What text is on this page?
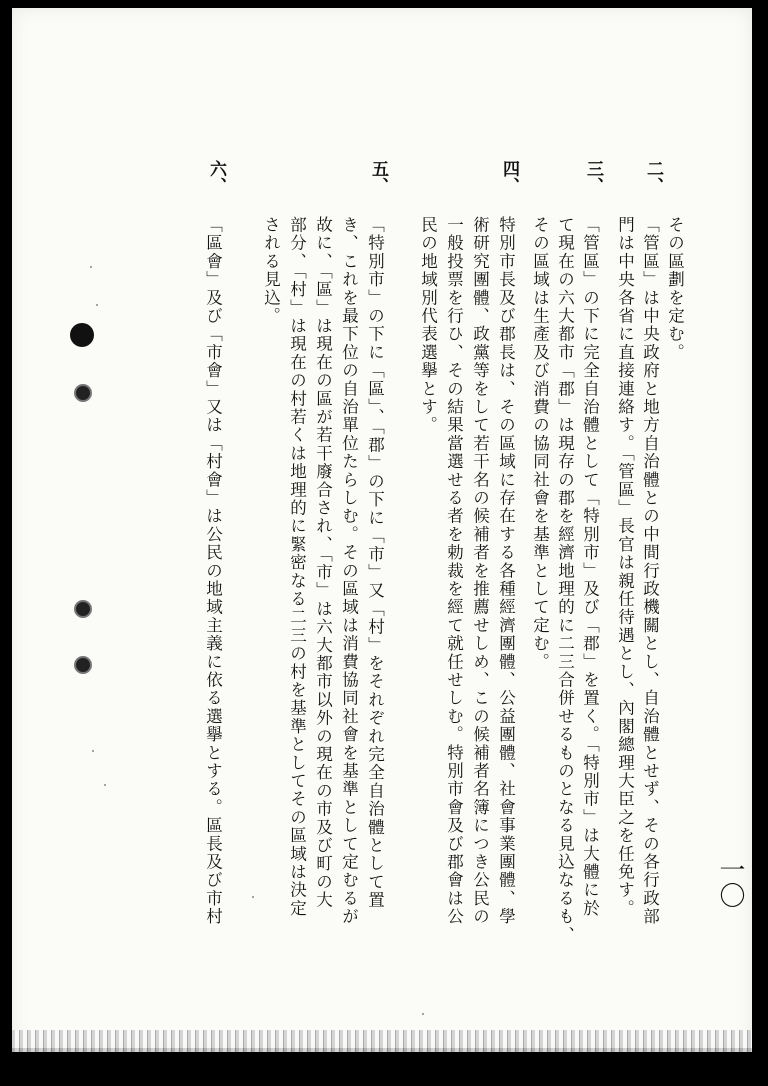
一〇
二、
三、
四、
五、
六、
その區劃を定む。
「管區」は中央政府と地方自治體との中間行政機關とし、自治體とせず、その各行政部
門は中央各省に直接連絡す。「管區」長官は親任待遇とし、內閣總理大臣之を任免す。
「管區」の下に完全自治體として「特別市」及び「郡」を置く。「特別市」は大體に於
て現在の六大都市「郡」は現存の郡を經濟地理的に二三合併せるものとなる見込なるも、
その區域は生產及び消費の協同社會を基準として定む。
特別市長及び郡長は、その區域に存在する各種經濟團體、公益團體、社會事業團體、學
術研究團體、政黨等をして若干名の候補者を推薦せしめ、この候補者名簿につき公民の
一般投票を行ひ、その結果當選せる者を勅裁を經て就任せしむ。特別市會及び郡會は公
民の地域別代表選擧とす。
「特別市」の下に「區」、「郡」の下に「市」又「村」をそれぞれ完全自治體として置
き、これを最下位の自治單位たらしむ。その區域は消費協同社會を基準として定むるが
故に、「區」は現在の區が若干廢合され、「市」は六大都市以外の現在の市及び町の大
部分、「村」は現在の村若くは地理的に緊密なる二三の村を基準としてその區域は決定
される見込。
「區會」及び「市會」又は「村會」は公民の地域主義に依る選擧とする。區長及び市村
